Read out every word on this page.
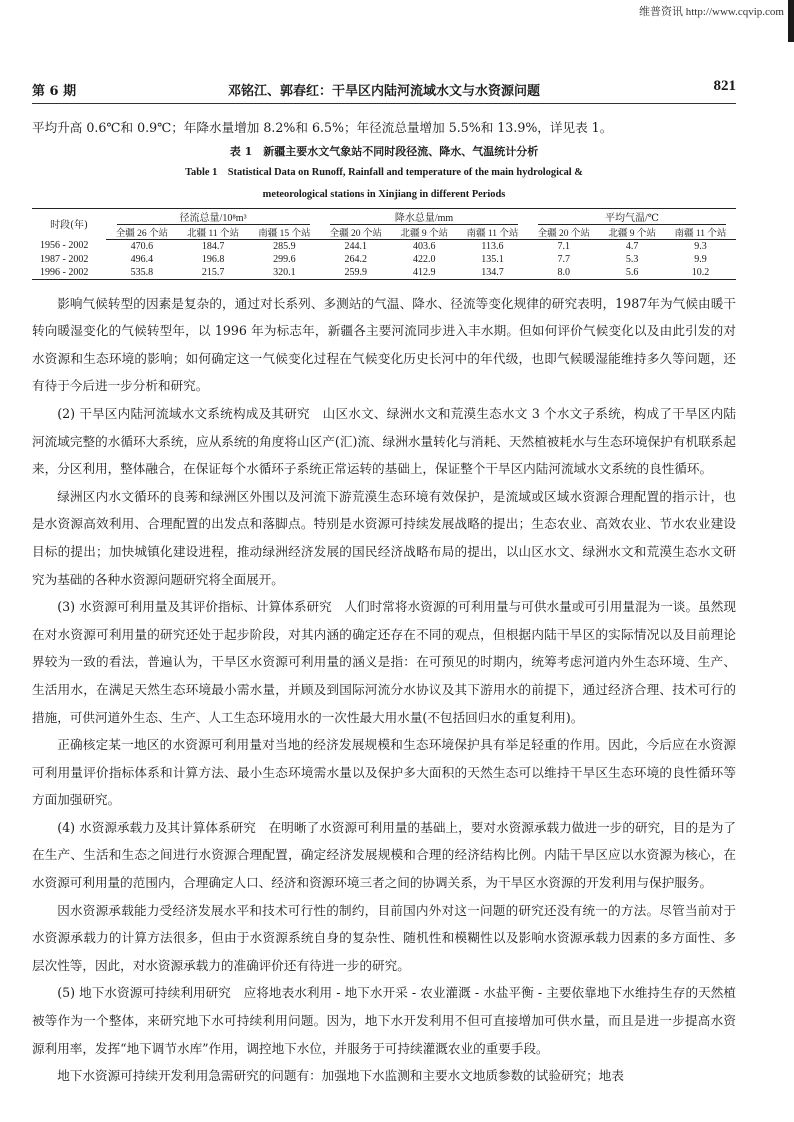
维普资讯 http://www.cqvip.com
第 6 期	邓铭江、郭春红：干旱区内陆河流域水文与水资源问题	821

平均升高 0.6℃和 0.9℃；年降水量增加 8.2%和 6.5%；年径流总量增加 5.5%和 13.9%，详见表 1。

表 1　新疆主要水文气象站不同时段径流、降水、气温统计分析
Table 1　Statistical Data on Runoff, Rainfall and temperature of the main hydrological &
meteorological stations in Xinjiang in different Periods
时段(年)	径流总量/10⁸m³			降水总量/mm			平均气温/℃		
	全疆 26 个站	北疆 11 个站	南疆 15 个站	全疆 20 个站	北疆 9 个站	南疆 11 个站	全疆 20 个站	北疆 9 个站	南疆 11 个站
1956 - 2002	470.6	184.7	285.9	244.1	403.6	113.6	7.1	4.7	9.3
1987 - 2002	496.4	196.8	299.6	264.2	422.0	135.1	7.7	5.3	9.9
1996 - 2002	535.8	215.7	320.1	259.9	412.9	134.7	8.0	5.6	10.2

影响气候转型的因素是复杂的，通过对长系列、多测站的气温、降水、径流等变化规律的研究表明，1987年为气候由暖干转向暖湿变化的气候转型年，以 1996 年为标志年，新疆各主要河流同步进入丰水期。但如何评价气候变化以及由此引发的对水资源和生态环境的影响；如何确定这一气候变化过程在气候变化历史长河中的年代级，也即气候暖湿能维持多久等问题，还有待于今后进一步分析和研究。

(2) 干旱区内陆河流域水文系统构成及其研究　山区水文、绿洲水文和荒漠生态水文 3 个水文子系统，构成了干旱区内陆河流域完整的水循环大系统，应从系统的角度将山区产(汇)流、绿洲水量转化与消耗、天然植被耗水与生态环境保护有机联系起来，分区利用，整体融合，在保证每个水循环子系统正常运转的基础上，保证整个干旱区内陆河流域水文系统的良性循环。

绿洲区内水文循环的良莠和绿洲区外围以及河流下游荒漠生态环境有效保护，是流域或区域水资源合理配置的指示计，也是水资源高效利用、合理配置的出发点和落脚点。特别是水资源可持续发展战略的提出；生态农业、高效农业、节水农业建设目标的提出；加快城镇化建设进程，推动绿洲经济发展的国民经济战略布局的提出，以山区水文、绿洲水文和荒漠生态水文研究为基础的各种水资源问题研究将全面展开。

(3) 水资源可利用量及其评价指标、计算体系研究　人们时常将水资源的可利用量与可供水量或可引用量混为一谈。虽然现在对水资源可利用量的研究还处于起步阶段，对其内涵的确定还存在不同的观点，但根据内陆干旱区的实际情况以及目前理论界较为一致的看法，普遍认为，干旱区水资源可利用量的涵义是指：在可预见的时期内，统筹考虑河道内外生态环境、生产、生活用水，在满足天然生态环境最小需水量，并顾及到国际河流分水协议及其下游用水的前提下，通过经济合理、技术可行的措施，可供河道外生态、生产、人工生态环境用水的一次性最大用水量(不包括回归水的重复利用)。

正确核定某一地区的水资源可利用量对当地的经济发展规模和生态环境保护具有举足轻重的作用。因此，今后应在水资源可利用量评价指标体系和计算方法、最小生态环境需水量以及保护多大面积的天然生态可以维持干旱区生态环境的良性循环等方面加强研究。

(4) 水资源承载力及其计算体系研究　在明晰了水资源可利用量的基础上，要对水资源承载力做进一步的研究，目的是为了在生产、生活和生态之间进行水资源合理配置，确定经济发展规模和合理的经济结构比例。内陆干旱区应以水资源为核心，在水资源可利用量的范围内，合理确定人口、经济和资源环境三者之间的协调关系，为干旱区水资源的开发利用与保护服务。

因水资源承载能力受经济发展水平和技术可行性的制约，目前国内外对这一问题的研究还没有统一的方法。尽管当前对于水资源承载力的计算方法很多，但由于水资源系统自身的复杂性、随机性和模糊性以及影响水资源承载力因素的多方面性、多层次性等，因此，对水资源承载力的准确评价还有待进一步的研究。

(5) 地下水资源可持续利用研究　应将地表水利用 - 地下水开采 - 农业灌溉 - 水盐平衡 - 主要依靠地下水维持生存的天然植被等作为一个整体，来研究地下水可持续利用问题。因为，地下水开发利用不但可直接增加可供水量，而且是进一步提高水资源利用率，发挥“地下调节水库”作用，调控地下水位，并服务于可持续灌溉农业的重要手段。

地下水资源可持续开发利用急需研究的问题有：加强地下水监测和主要水文地质参数的试验研究；地表
